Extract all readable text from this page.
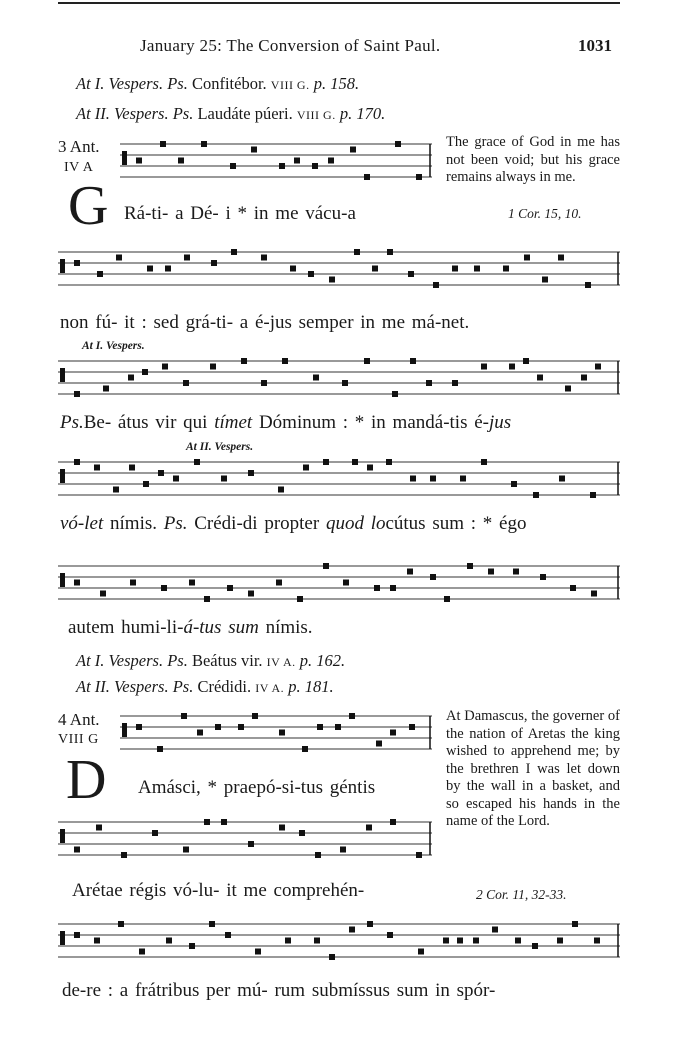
January 25: The Conversion of Saint Paul.	1031
At I. Vespers. Ps. Confitébor. VIII G. p. 158.
At II. Vespers. Ps. Laudáte púeri. VIII G. p. 170.
3 Ant.
IV A
G Rá-ti- a Dé- i * in me vácu-a
The grace of God in me has not been void; but his grace remains always in me.
1 Cor. 15, 10.
non fú- it : sed grá-ti- a é-jus semper in me má-net.
At I. Vespers.
Ps.Be- átus vir qui tímet Dóminum : * in mandá-tis é-jus
At II. Vespers.
vó-let nímis. Ps. Crédi-di propter quod locútus sum : * égo
autem humi-li-á-tus sum nímis.
At I. Vespers. Ps. Beátus vir. IV A. p. 162.
At II. Vespers. Ps. Crédidi. IV A. p. 181.
4 Ant.
VIII G
D Amásci, * praepó-si-tus géntis
At Damascus, the governer of the nation of Aretas the king wished to apprehend me; by the brethren I was let down by the wall in a basket, and so escaped his hands in the name of the Lord.
2 Cor. 11, 32-33.
Arétae régis vó-lu- it me comprehén-
de-re : a frátribus per mú- rum submíssus sum in spór-
